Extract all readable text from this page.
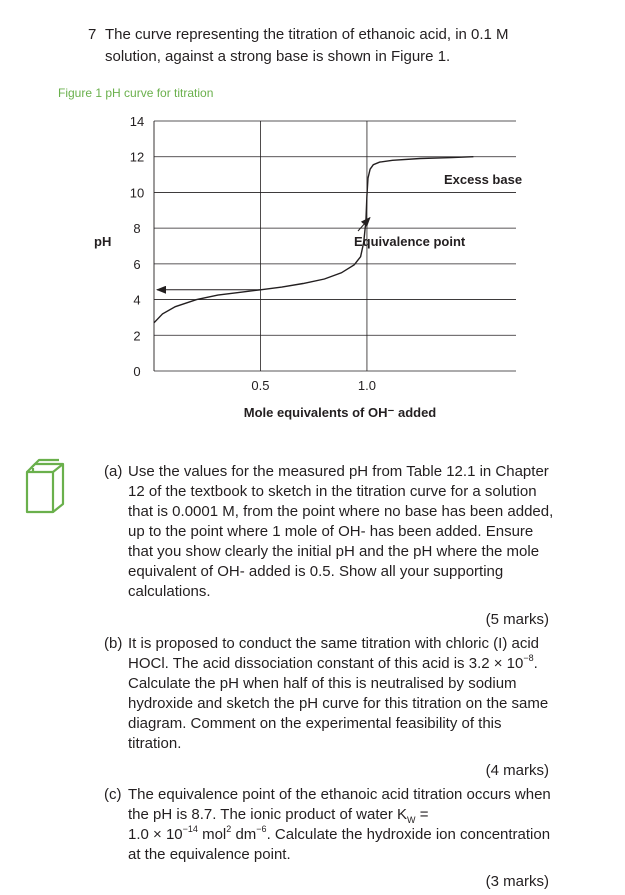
7 The curve representing the titration of ethanoic acid, in 0.1 M solution, against a strong base is shown in Figure 1.
Figure 1 pH curve for titration
0
2
4
6
8
10
12
14
0.5	1.0
Excess base
Equivalence point
pH
Mole equivalents of OH⁻ added
(a) Use the values for the measured pH from Table 12.1 in Chapter 12 of the textbook to sketch in the titration curve for a solution that is 0.0001 M, from the point where no base has been added, up to the point where 1 mole of OH- has been added. Ensure that you show clearly the initial pH and the pH where the mole equivalent of OH- added is 0.5. Show all your supporting calculations.
(5 marks)
(b) It is proposed to conduct the same titration with chloric (I) acid HOCl. The acid dissociation constant of this acid is $3.2 \times 10^{-8}$. Calculate the pH when half of this is neutralised by sodium hydroxide and sketch the pH curve for this titration on the same diagram. Comment on the experimental feasibility of this titration.
(4 marks)
(c) The equivalence point of the ethanoic acid titration occurs when the pH is 8.7. The ionic product of water $K_W$ =
$1.0 \times 10^{-14}$ mol$^2$ $dm^{-6}$. Calculate the hydroxide ion concentration at the equivalence point.
(3 marks)
